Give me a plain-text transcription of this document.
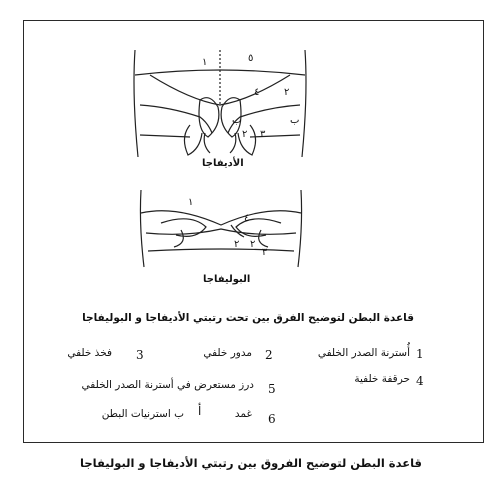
١	٥
٤ ٢
ب	ب
٣
٢
الأديفاجا
١
٤
٢ ٢
٣
البوليفاجا
قاعدة البطن لتوضيح الفرق بين تحت رتبتي الأديفاجا و البوليفاجا
1
أُسترنة الصدر الخلفي
2
مدور خلفي
3
فخذ خلفي
4
حرقفة خلفية
5
درز مستعرض في أسترنة الصدر الخلفي
6
غمد
أ
ب استرنيات البطن
قاعدة البطن لتوضيح الفروق بين رتبتي الأديفاجا و البوليفاجا
